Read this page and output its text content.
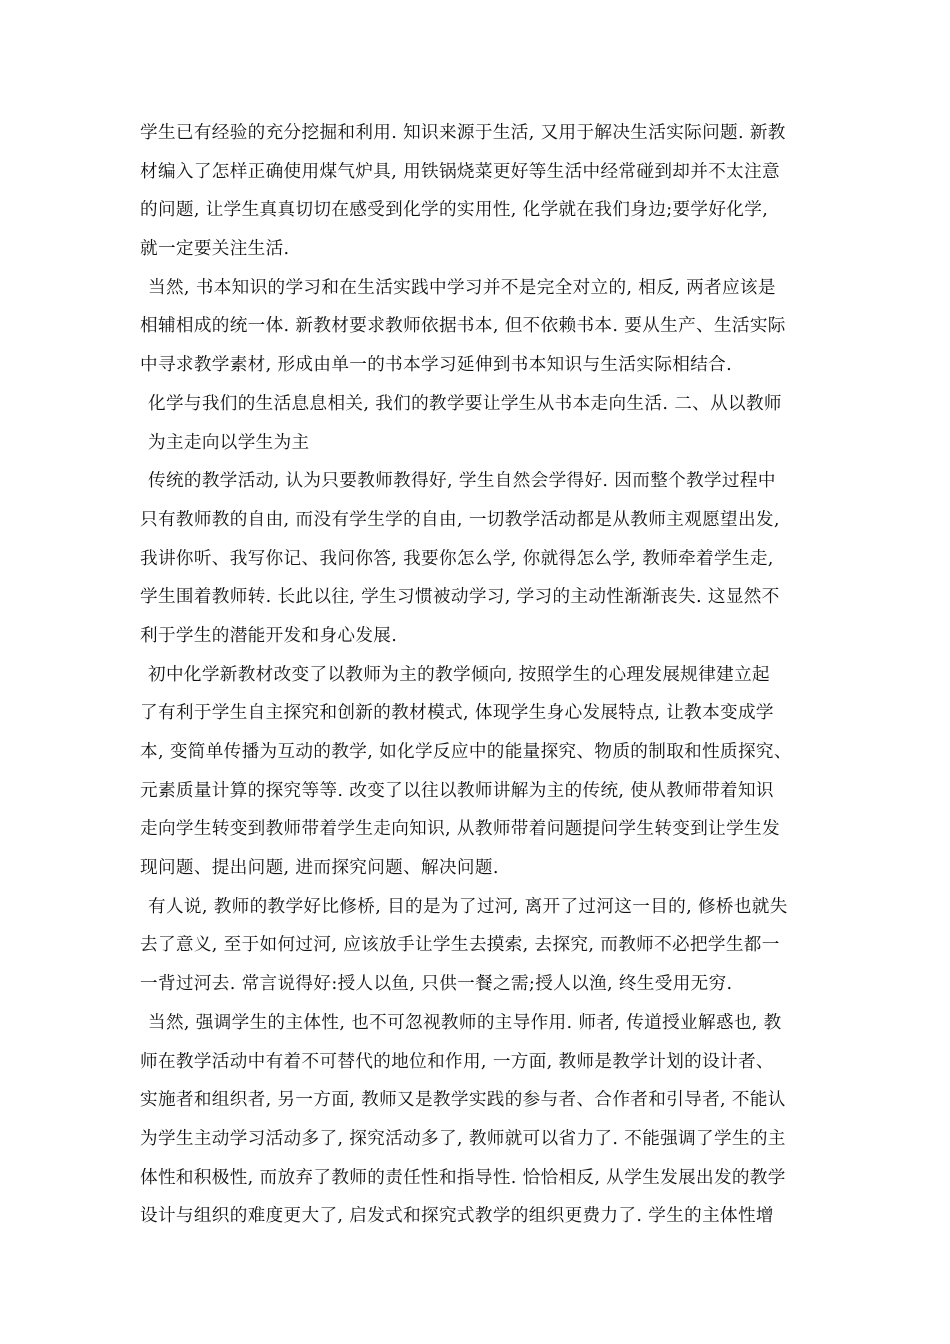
学生已有经验的充分挖掘和利用. 知识来源于生活, 又用于解决生活实际问题. 新教
材编入了怎样正确使用煤气炉具, 用铁锅烧菜更好等生活中经常碰到却并不太注意
的问题, 让学生真真切切在感受到化学的实用性, 化学就在我们身边;要学好化学,
就一定要关注生活.
当然, 书本知识的学习和在生活实践中学习并不是完全对立的, 相反, 两者应该是
相辅相成的统一体. 新教材要求教师依据书本, 但不依赖书本. 要从生产、生活实际
中寻求教学素材, 形成由单一的书本学习延伸到书本知识与生活实际相结合.
化学与我们的生活息息相关, 我们的教学要让学生从书本走向生活. 二、从以教师
为主走向以学生为主
传统的教学活动, 认为只要教师教得好, 学生自然会学得好. 因而整个教学过程中
只有教师教的自由, 而没有学生学的自由, 一切教学活动都是从教师主观愿望出发,
我讲你听、我写你记、我问你答, 我要你怎么学, 你就得怎么学, 教师牵着学生走,
学生围着教师转. 长此以往, 学生习惯被动学习, 学习的主动性渐渐丧失. 这显然不
利于学生的潜能开发和身心发展.
初中化学新教材改变了以教师为主的教学倾向, 按照学生的心理发展规律建立起
了有利于学生自主探究和创新的教材模式, 体现学生身心发展特点, 让教本变成学
本, 变简单传播为互动的教学, 如化学反应中的能量探究、物质的制取和性质探究、
元素质量计算的探究等等. 改变了以往以教师讲解为主的传统, 使从教师带着知识
走向学生转变到教师带着学生走向知识, 从教师带着问题提问学生转变到让学生发
现问题、提出问题, 进而探究问题、解决问题.
有人说, 教师的教学好比修桥, 目的是为了过河, 离开了过河这一目的, 修桥也就失
去了意义, 至于如何过河, 应该放手让学生去摸索, 去探究, 而教师不必把学生都一
一背过河去. 常言说得好:授人以鱼, 只供一餐之需;授人以渔, 终生受用无穷.
当然, 强调学生的主体性, 也不可忽视教师的主导作用. 师者, 传道授业解惑也, 教
师在教学活动中有着不可替代的地位和作用, 一方面, 教师是教学计划的设计者、
实施者和组织者, 另一方面, 教师又是教学实践的参与者、合作者和引导者, 不能认
为学生主动学习活动多了, 探究活动多了, 教师就可以省力了. 不能强调了学生的主
体性和积极性, 而放弃了教师的责任性和指导性. 恰恰相反, 从学生发展出发的教学
设计与组织的难度更大了, 启发式和探究式教学的组织更费力了. 学生的主体性增
